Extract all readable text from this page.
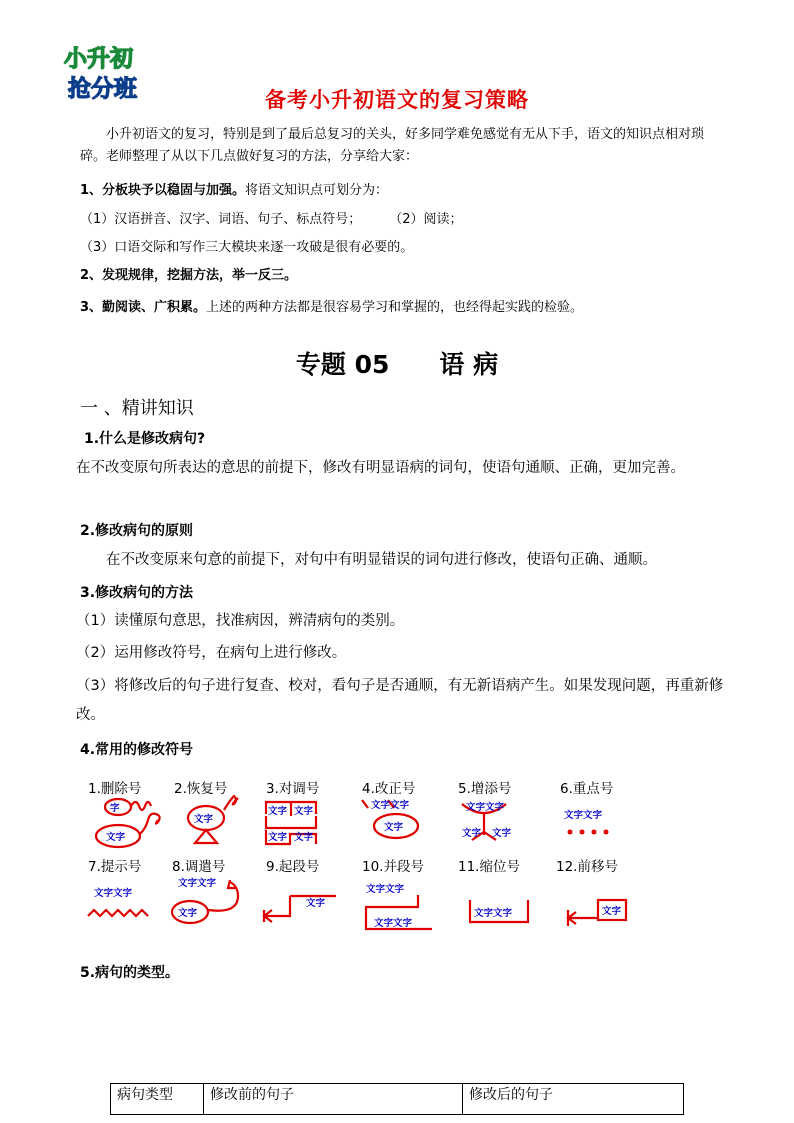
小升初
抢分班	备考小升初语文的复习策略
小升初语文的复习，特别是到了最后总复习的关头，好多同学难免感觉有无从下手，语文的知识点相对琐碎。老师整理了从以下几点做好复习的方法，分享给大家：
1、分板块予以稳固与加强。将语文知识点可划分为：
（1）汉语拼音、汉字、词语、句子、标点符号； （2）阅读；
（3）口语交际和写作三大模块来逐一攻破是很有必要的。
2、发现规律，挖掘方法，举一反三。
3、勤阅读、广积累。上述的两种方法都是很容易学习和掌握的，也经得起实践的检验。
专题 05　　语 病
一 、精讲知识
1.什么是修改病句?
在不改变原句所表达的意思的前提下，修改有明显语病的词句，使语句通顺、正确，更加完善。
2.修改病句的原则
在不改变原来句意的前提下，对句中有明显错误的词句进行修改，使语句正确、通顺。
3.修改病句的方法
（1）读懂原句意思，找准病因，辨清病句的类别。
（2）运用修改符号，在病句上进行修改。
（3）将修改后的句子进行复查、校对，看句子是否通顺，有无新语病产生。如果发现问题，再重新修改。
4.常用的修改符号
1.删除号 2.恢复号	3.对调号	4.改正号	5.增添号	6.重点号
7.提示号 8.调遣号	9.起段号	10.并段号	11.缩位号	12.前移号
字
文字
文字
文字 文字
文字 文字
文字文字
文字
文字文字
文字 文字
文字文字
文字文字
文字文字
文字
文字
文字文字
文字文字
文字文字	文字
5.病句的类型。
病句类型	修改前的句子	修改后的句子
